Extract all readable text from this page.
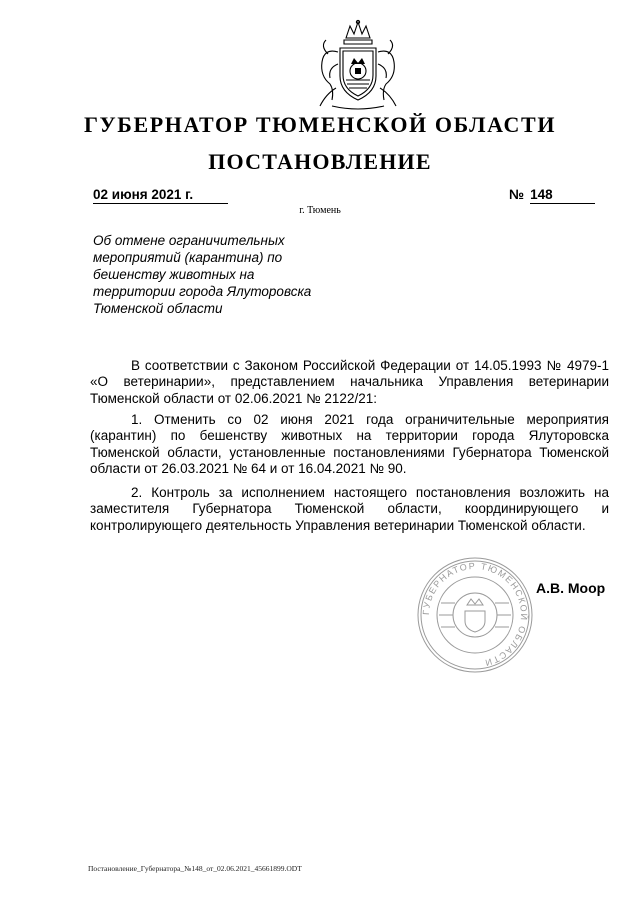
ГУБЕРНАТОР ТЮМЕНСКОЙ ОБЛАСТИ
ПОСТАНОВЛЕНИЕ
02 июня 2021 г.	№ 148
г. Тюмень
Об отмене ограничительных мероприятий (карантина) по бешенству животных на территории города Ялуторовска Тюменской области
В соответствии с Законом Российской Федерации от 14.05.1993 № 4979-1 «О ветеринарии», представлением начальника Управления ветеринарии Тюменской области от 02.06.2021 № 2122/21:
1. Отменить со 02 июня 2021 года ограничительные мероприятия (карантин) по бешенству животных на территории города Ялуторовска Тюменской области, установленные постановлениями Губернатора Тюменской области от 26.03.2021 № 64 и от 16.04.2021 № 90.
2. Контроль за исполнением настоящего постановления возложить на заместителя Губернатора Тюменской области, координирующего и контролирующего деятельность Управления ветеринарии Тюменской области.
ГУБЕРНАТОР ТЮМЕНСКОЙ ОБЛАСТИ
А.В. Моор
Постановление_Губернатора_№148_от_02.06.2021_45661899.ODT
